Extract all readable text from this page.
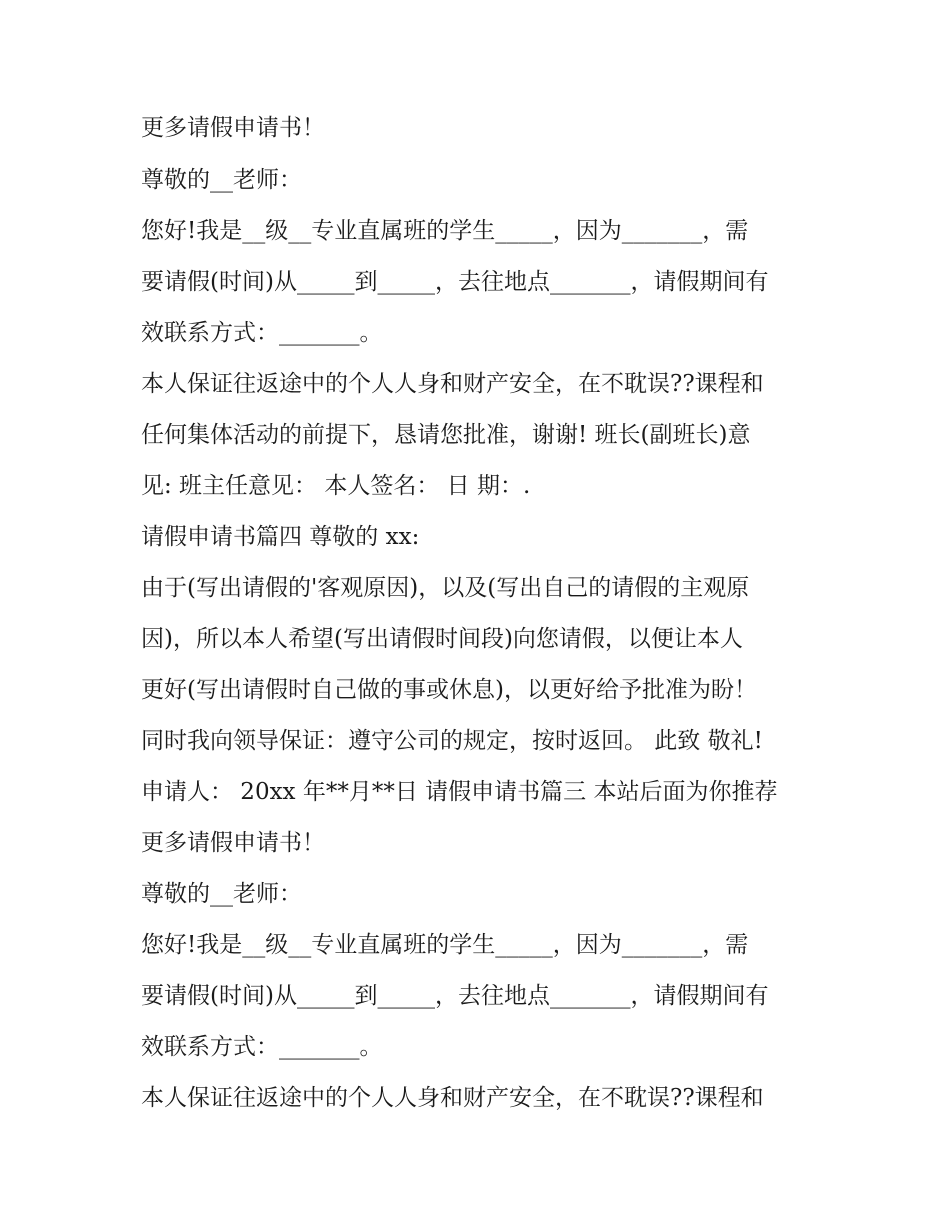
更多请假申请书！
尊敬的__老师：
您好!我是__级__专业直属班的学生_____，因为_______，需
要请假(时间)从_____到_____，去往地点_______，请假期间有
效联系方式：_______。
本人保证往返途中的个人人身和财产安全，在不耽误??课程和
任何集体活动的前提下，恳请您批准，谢谢! 班长(副班长)意
见: 班主任意见： 本人签名： 日 期：.
请假申请书篇四 尊敬的 xx:
由于(写出请假的'客观原因)，以及(写出自己的请假的主观原
因)，所以本人希望(写出请假时间段)向您请假，以便让本人
更好(写出请假时自己做的事或休息)，以更好给予批准为盼！
同时我向领导保证：遵守公司的规定，按时返回。 此致 敬礼!
申请人： 20xx 年**月**日 请假申请书篇三 本站后面为你推荐
更多请假申请书！
尊敬的__老师：
您好!我是__级__专业直属班的学生_____，因为_______，需
要请假(时间)从_____到_____，去往地点_______，请假期间有
效联系方式：_______。
本人保证往返途中的个人人身和财产安全，在不耽误??课程和
